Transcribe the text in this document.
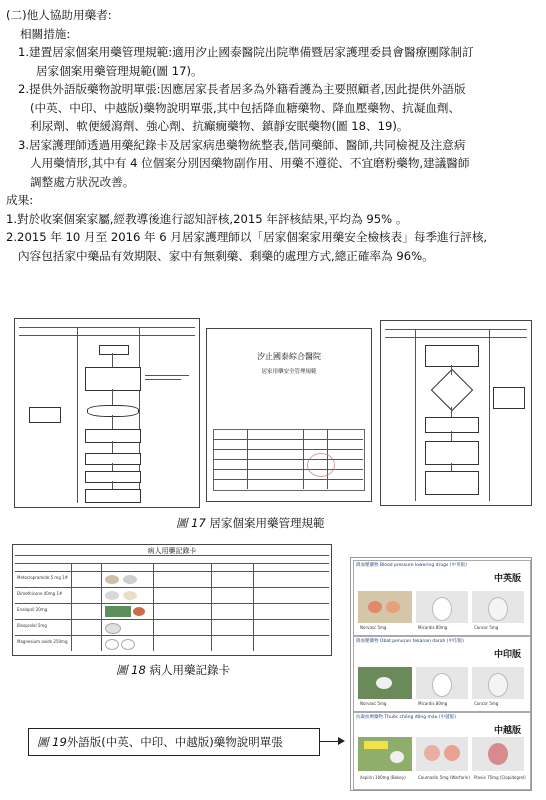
(二)他人協助用藥者:

相關措施:

1.建置居家個案用藥管理規範:適用汐止國泰醫院出院準備暨居家護理委員會醫療團隊制訂

居家個案用藥管理規範(圖 17)。

2.提供外語版藥物說明單張:因應居家長者居多為外籍看護為主要照顧者,因此提供外語版

(中英、中印、中越版)藥物說明單張,其中包括降血糖藥物、降血壓藥物、抗凝血劑、

利尿劑、軟便緩瀉劑、強心劑、抗癲癇藥物、鎮靜安眠藥物(圖 18、19)。

3.居家護理師透過用藥紀錄卡及居家病患藥物統整表,偕同藥師、醫師,共同檢視及注意病

人用藥情形,其中有 4 位個案分別因藥物副作用、用藥不遵從、不宜磨粉藥物,建議醫師

調整處方狀況改善。

成果:

1.對於收案個案家屬,經教導後進行認知評核,2015 年評核結果,平均為 95% 。

2.2015 年 10 月至 2016 年 6 月居家護理師以「居家個案家用藥安全檢核表」每季進行評核,

內容包括家中藥品有效期限、家中有無剩藥、剩藥的處理方式,總正確率為 96%。

汐止國泰綜合醫院
居家用藥安全管理規範
圖 17 居家個案用藥管理規範
病人用藥記錄卡
Metoclopramide 5 mg 1#
Dimethicone 40mg 1#
Enalapril 20mg
Bisoprolol 5mg
Magnesium oxide 250mg
圖 18 病人用藥記錄卡
圖 19外語版(中英、中印、中越版)藥物說明單張
降血壓藥物 Blood pressure lowering drugs (中英版)
中英版
Norvasc 5mg	Micardis 80mg	Concor 5mg
降血壓藥物 Obat penurun tekanan darah (中印版)
中印版
Norvasc 5mg	Micardis 80mg	Concor 5mg
抗凝血劑藥物 Thuốc chống đông máu (中越版)
中越版
Aspirin 100mg (Bokey)	Coumadin 5mg (Warfarin) Plavix 75mg (Clopidogrel)
